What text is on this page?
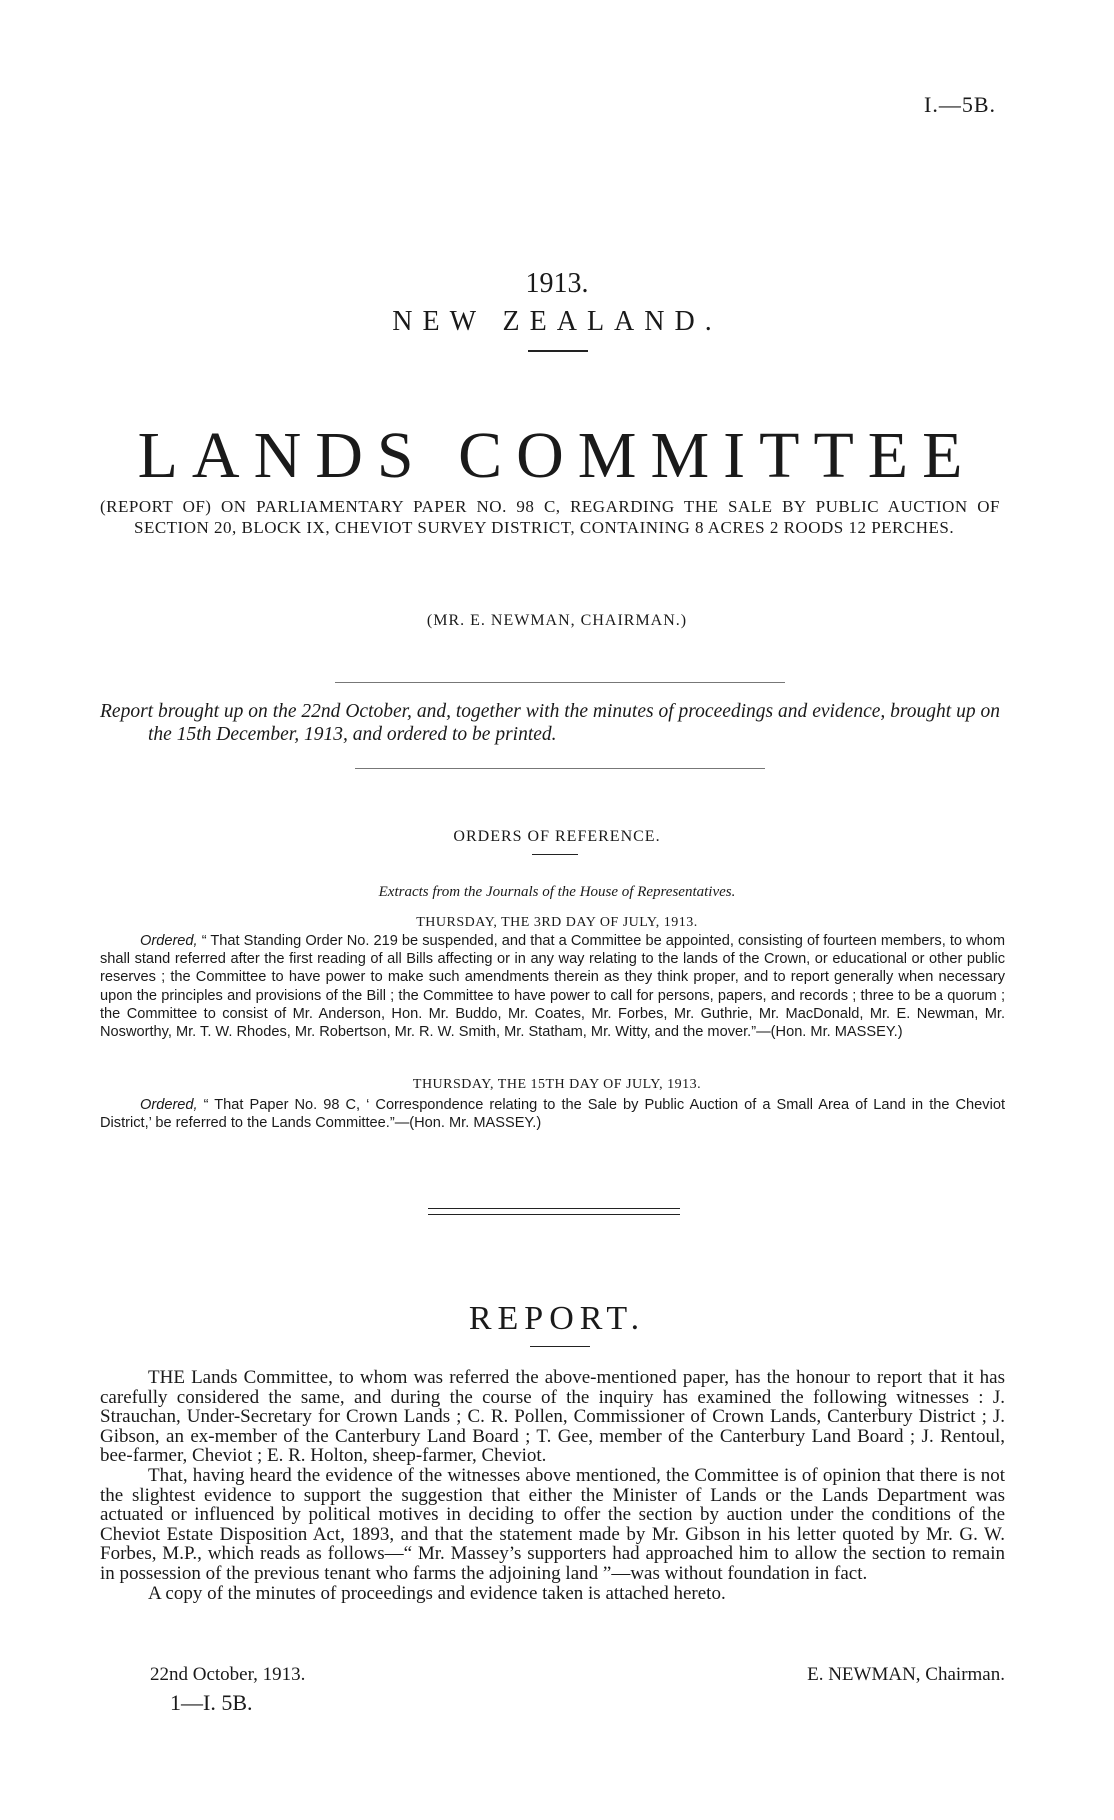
I.—5B.
1913.
NEW ZEALAND.
LANDS COMMITTEE
(REPORT OF) ON PARLIAMENTARY PAPER NO. 98 C, REGARDING THE SALE BY PUBLIC AUCTION OF SECTION 20, BLOCK IX, CHEVIOT SURVEY DISTRICT, CONTAINING 8 ACRES 2 ROODS 12 PERCHES.
(MR. E. NEWMAN, CHAIRMAN.)
Report brought up on the 22nd October, and, together with the minutes of proceedings and evidence, brought up on the 15th December, 1913, and ordered to be printed.
ORDERS OF REFERENCE.
Extracts from the Journals of the House of Representatives.
THURSDAY, THE 3RD DAY OF JULY, 1913.
Ordered, “ That Standing Order No. 219 be suspended, and that a Committee be appointed, consisting of fourteen members, to whom shall stand referred after the first reading of all Bills affecting or in any way relating to the lands of the Crown, or educational or other public reserves ; the Committee to have power to make such amendments therein as they think proper, and to report generally when necessary upon the principles and provisions of the Bill ; the Committee to have power to call for persons, papers, and records ; three to be a quorum ; the Committee to consist of Mr. Anderson, Hon. Mr. Buddo, Mr. Coates, Mr. Forbes, Mr. Guthrie, Mr. MacDonald, Mr. E. Newman, Mr. Nosworthy, Mr. T. W. Rhodes, Mr. Robertson, Mr. R. W. Smith, Mr. Statham, Mr. Witty, and the mover.”—(Hon. Mr. MASSEY.)
THURSDAY, THE 15TH DAY OF JULY, 1913.
Ordered, “ That Paper No. 98 C, ‘ Correspondence relating to the Sale by Public Auction of a Small Area of Land in the Cheviot District,’ be referred to the Lands Committee.”—(Hon. Mr. MASSEY.)
REPORT.

THE Lands Committee, to whom was referred the above-mentioned paper, has the honour to report that it has carefully considered the same, and during the course of the inquiry has examined the following witnesses : J. Strauchan, Under-Secretary for Crown Lands ; C. R. Pollen, Commissioner of Crown Lands, Canterbury District ; J. Gibson, an ex-member of the Canterbury Land Board ; T. Gee, member of the Canterbury Land Board ; J. Rentoul, bee-farmer, Cheviot ; E. R. Holton, sheep-farmer, Cheviot.

That, having heard the evidence of the witnesses above mentioned, the Committee is of opinion that there is not the slightest evidence to support the suggestion that either the Minister of Lands or the Lands Department was actuated or influenced by political motives in deciding to offer the section by auction under the conditions of the Cheviot Estate Disposition Act, 1893, and that the statement made by Mr. Gibson in his letter quoted by Mr. G. W. Forbes, M.P., which reads as follows—“ Mr. Massey’s supporters had approached him to allow the section to remain in possession of the previous tenant who farms the adjoining land ”—was without foundation in fact.

A copy of the minutes of proceedings and evidence taken is attached hereto.

22nd October, 1913.	E. NEWMAN, Chairman.
1—I. 5B.
